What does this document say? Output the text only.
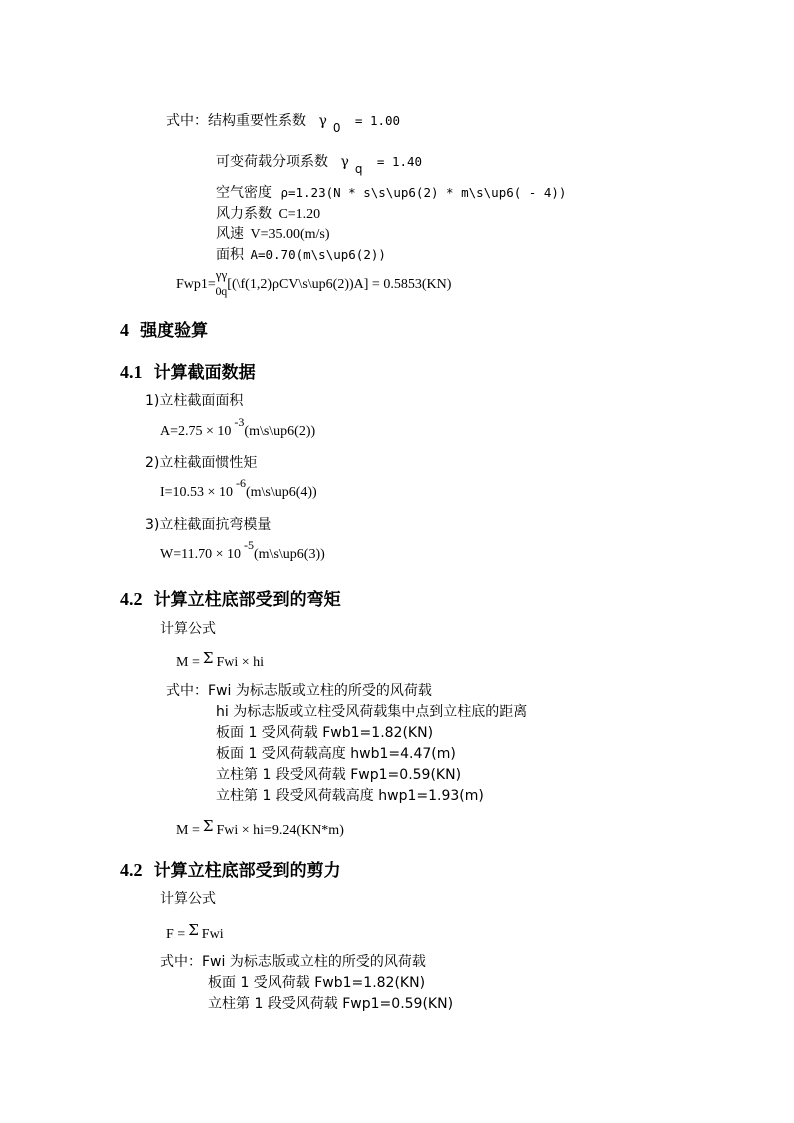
式中：结构重要性系数 γ 0 = 1.00
可变荷载分项系数 γ q = 1.40
空气密度 ρ=1.23(N * s\s\up6(2) * m\s\up6( - 4))
风力系数 C=1.20
风速 V=35.00(m/s)
面积 A=0.70(m\s\up6(2))
Fwp1=γ0γq[(\f(1,2)ρCV\s\up6(2))A] = 0.5853(KN)
4 强度验算
4.1 计算截面数据
1)立柱截面面积
A=2.75 × 10-3(m\s\up6(2))
2)立柱截面惯性矩
I=10.53 × 10-6(m\s\up6(4))
3)立柱截面抗弯模量
W=11.70 × 10-5(m\s\up6(3))
4.2 计算立柱底部受到的弯矩
计算公式
M = Σ Fwi × hi
式中：Fwi 为标志版或立柱的所受的风荷载
hi 为标志版或立柱受风荷载集中点到立柱底的距离
板面 1 受风荷载 Fwb1=1.82(KN)
板面 1 受风荷载高度 hwb1=4.47(m)
立柱第 1 段受风荷载 Fwp1=0.59(KN)
立柱第 1 段受风荷载高度 hwp1=1.93(m)
M = Σ Fwi × hi=9.24(KN*m)
4.2 计算立柱底部受到的剪力
计算公式
F = Σ Fwi
式中：Fwi 为标志版或立柱的所受的风荷载
板面 1 受风荷载 Fwb1=1.82(KN)
立柱第 1 段受风荷载 Fwp1=0.59(KN)
